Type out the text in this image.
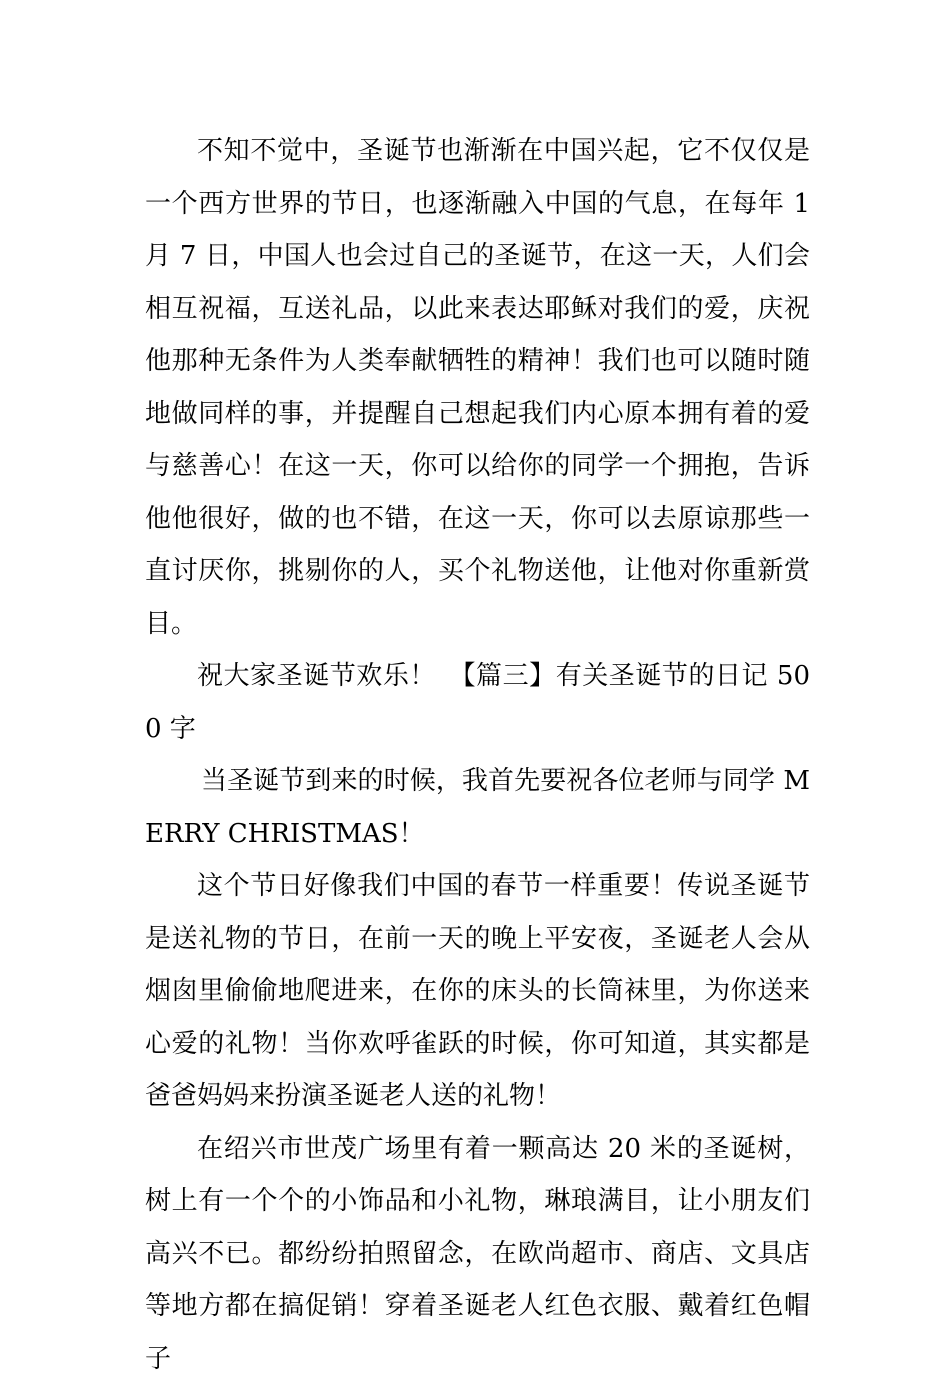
不知不觉中，圣诞节也渐渐在中国兴起，它不仅仅是一个西方世界的节日，也逐渐融入中国的气息，在每年 1 月 7 日，中国人也会过自己的圣诞节，在这一天，人们会相互祝福，互送礼品，以此来表达耶稣对我们的爱，庆祝他那种无条件为人类奉献牺牲的精神！我们也可以随时随地做同样的事，并提醒自己想起我们内心原本拥有着的爱与慈善心！在这一天，你可以给你的同学一个拥抱，告诉他他很好，做的也不错，在这一天，你可以去原谅那些一直讨厌你，挑剔你的人，买个礼物送他，让他对你重新赏目。

祝大家圣诞节欢乐！　【篇三】有关圣诞节的日记 500 字

当圣诞节到来的时候，我首先要祝各位老师与同学 MERRY CHRISTMAS！

这个节日好像我们中国的春节一样重要！传说圣诞节是送礼物的节日，在前一天的晚上平安夜，圣诞老人会从烟囱里偷偷地爬进来，在你的床头的长筒袜里，为你送来心爱的礼物！当你欢呼雀跃的时候，你可知道，其实都是爸爸妈妈来扮演圣诞老人送的礼物！

在绍兴市世茂广场里有着一颗高达 20 米的圣诞树，树上有一个个的小饰品和小礼物，琳琅满目，让小朋友们高兴不已。都纷纷拍照留念，在欧尚超市、商店、文具店等地方都在搞促销！穿着圣诞老人红色衣服、戴着红色帽子
